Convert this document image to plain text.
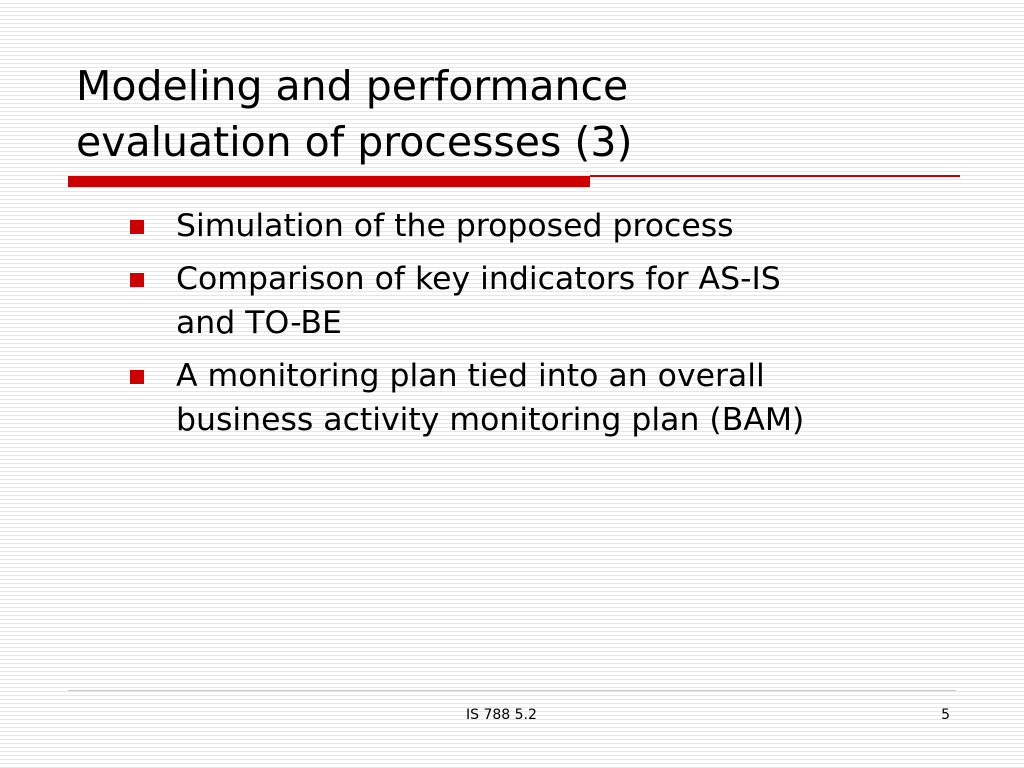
Modeling and performance
evaluation of processes (3)
Simulation of the proposed process
Comparison of key indicators for AS-IS
and TO-BE
A monitoring plan tied into an overall
business activity monitoring plan (BAM)
IS 788 5.2	5
